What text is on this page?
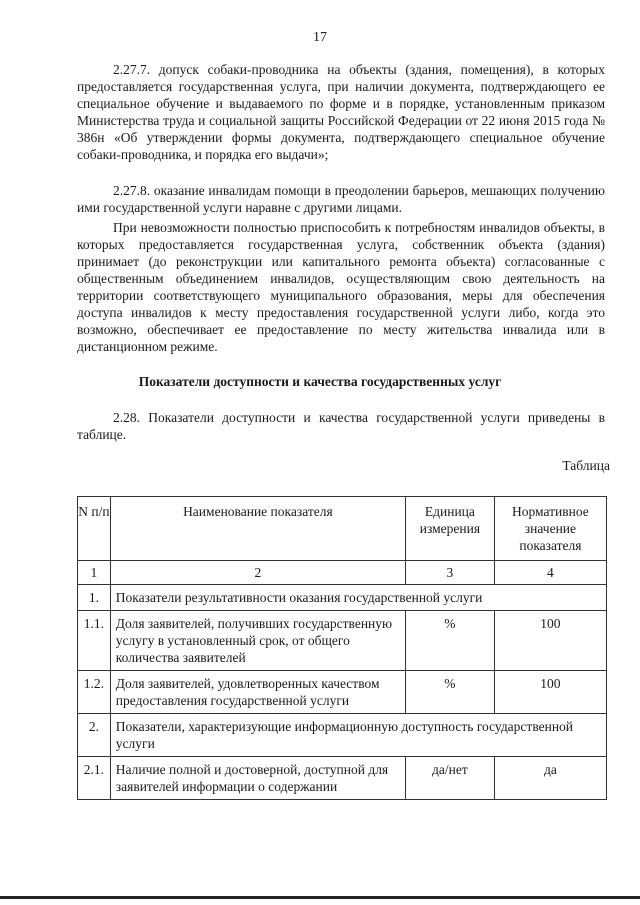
17

2.27.7. допуск собаки-проводника на объекты (здания, помещения), в которых предоставляется государственная услуга, при наличии документа, подтверждающего ее специальное обучение и выдаваемого по форме и в порядке, установленным приказом Министерства труда и социальной защиты Российской Федерации от 22 июня 2015 года № 386н «Об утверждении формы документа, подтверждающего специальное обучение собаки-проводника, и порядка его выдачи»;

2.27.8. оказание инвалидам помощи в преодолении барьеров, мешающих получению ими государственной услуги наравне с другими лицами.

При невозможности полностью приспособить к потребностям инвалидов объекты, в которых предоставляется государственная услуга, собственник объекта (здания) принимает (до реконструкции или капитального ремонта объекта) согласованные с общественным объединением инвалидов, осуществляющим свою деятельность на территории соответствующего муниципального образования, меры для обеспечения доступа инвалидов к месту предоставления государственной услуги либо, когда это возможно, обеспечивает ее предоставление по месту жительства инвалида или в дистанционном режиме.

Показатели доступности и качества государственных услуг

2.28. Показатели доступности и качества государственной услуги приведены в таблице.

Таблица
N п/п	Наименование показателя	Единица измерения	Нормативное значение показателя
1	2	3	4
1.	Показатели результативности оказания государственной услуги		
1.1.	Доля заявителей, получивших государственную услугу в установленный срок, от общего количества заявителей	%	100
1.2.	Доля заявителей, удовлетворенных качеством предоставления государственной услуги	%	100
2.	Показатели, характеризующие информационную доступность государственной услуги		
2.1.	Наличие полной и достоверной, доступной для заявителей информации о содержании	да/нет	да
